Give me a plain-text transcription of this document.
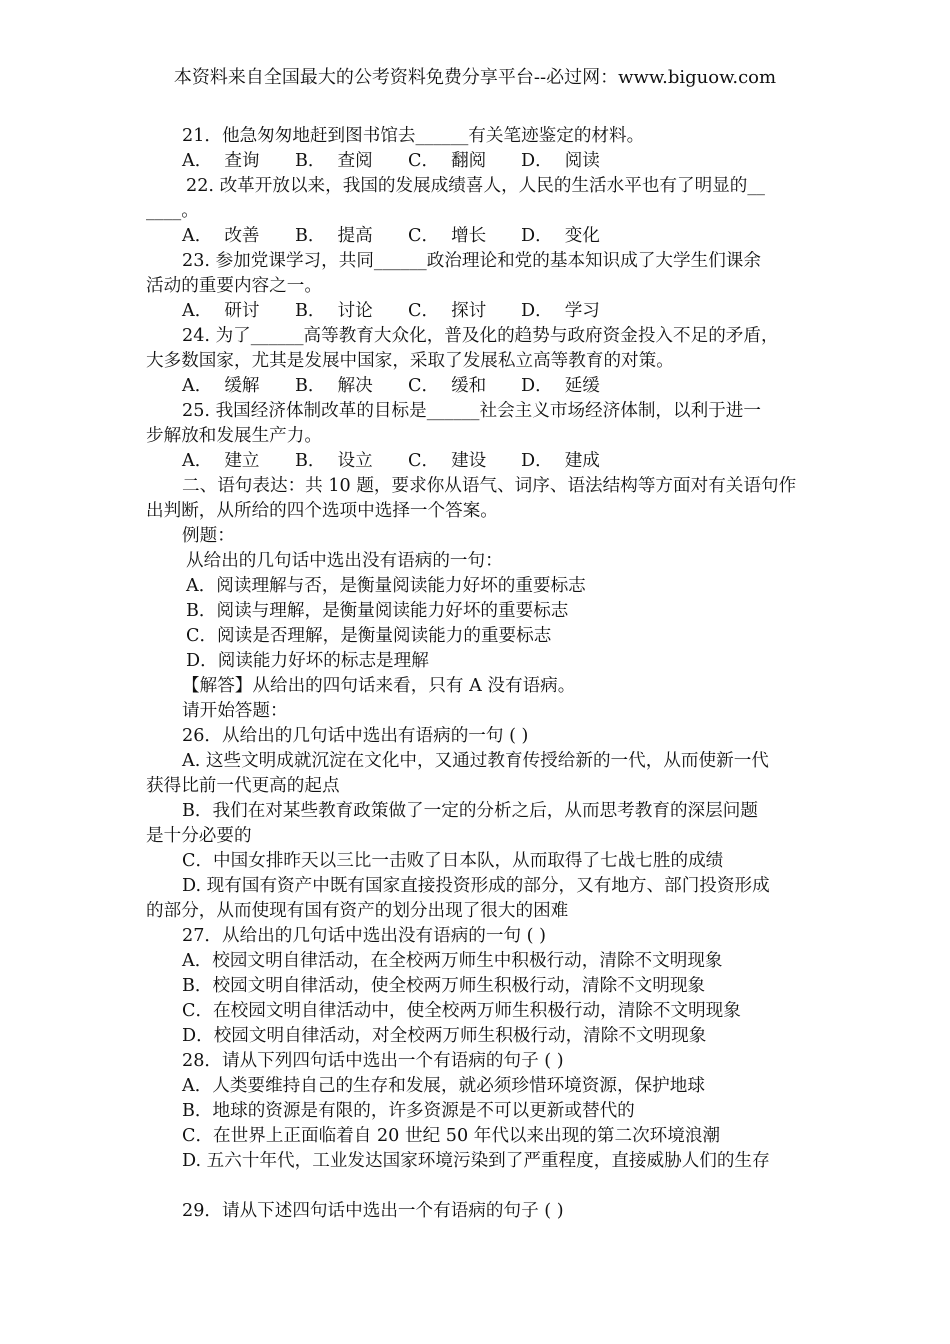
本资料来自全国最大的公考资料免费分享平台--必过网：www.biguow.com
21．他急匆匆地赶到图书馆去______有关笔迹鉴定的材料。
A． 查询	B． 查阅	C． 翻阅	D． 阅读
22. 改革开放以来，我国的发展成绩喜人，人民的生活水平也有了明显的__
____。
A． 改善	B． 提高	C． 增长	D． 变化
23. 参加党课学习，共同______政治理论和党的基本知识成了大学生们课余
活动的重要内容之一。
A． 研讨	B． 讨论	C． 探讨	D． 学习
24. 为了______高等教育大众化，普及化的趋势与政府资金投入不足的矛盾，
大多数国家，尤其是发展中国家，采取了发展私立高等教育的对策。
A． 缓解	B． 解决	C． 缓和	D． 延缓
25. 我国经济体制改革的目标是______社会主义市场经济体制，以利于进一
步解放和发展生产力。
A． 建立	B． 设立	C． 建设	D． 建成
二、语句表达：共 10 题，要求你从语气、词序、语法结构等方面对有关语句作
出判断，从所给的四个选项中选择一个答案。
例题：
从给出的几句话中选出没有语病的一句：
A．阅读理解与否，是衡量阅读能力好坏的重要标志
B．阅读与理解，是衡量阅读能力好坏的重要标志
C．阅读是否理解，是衡量阅读能力的重要标志
D．阅读能力好坏的标志是理解
【解答】从给出的四句话来看，只有 A 没有语病。
请开始答题：
26．从给出的几句话中选出有语病的一句 ( )
A. 这些文明成就沉淀在文化中，又通过教育传授给新的一代，从而使新一代
获得比前一代更高的起点
B．我们在对某些教育政策做了一定的分析之后，从而思考教育的深层问题
是十分必要的
C．中国女排昨天以三比一击败了日本队，从而取得了七战七胜的成绩
D. 现有国有资产中既有国家直接投资形成的部分，又有地方、部门投资形成
的部分，从而使现有国有资产的划分出现了很大的困难
27．从给出的几句话中选出没有语病的一句 ( )
A．校园文明自律活动，在全校两万师生中积极行动，清除不文明现象
B．校园文明自律活动，使全校两万师生积极行动，清除不文明现象
C．在校园文明自律活动中，使全校两万师生积极行动，清除不文明现象
D．校园文明自律活动，对全校两万师生积极行动，清除不文明现象
28．请从下列四句话中选出一个有语病的句子 ( )
A．人类要维持自己的生存和发展，就必须珍惜环境资源，保护地球
B．地球的资源是有限的，许多资源是不可以更新或替代的
C．在世界上正面临着自 20 世纪 50 年代以来出现的第二次环境浪潮
D. 五六十年代，工业发达国家环境污染到了严重程度，直接威胁人们的生存
29．请从下述四句话中选出一个有语病的句子 ( )
